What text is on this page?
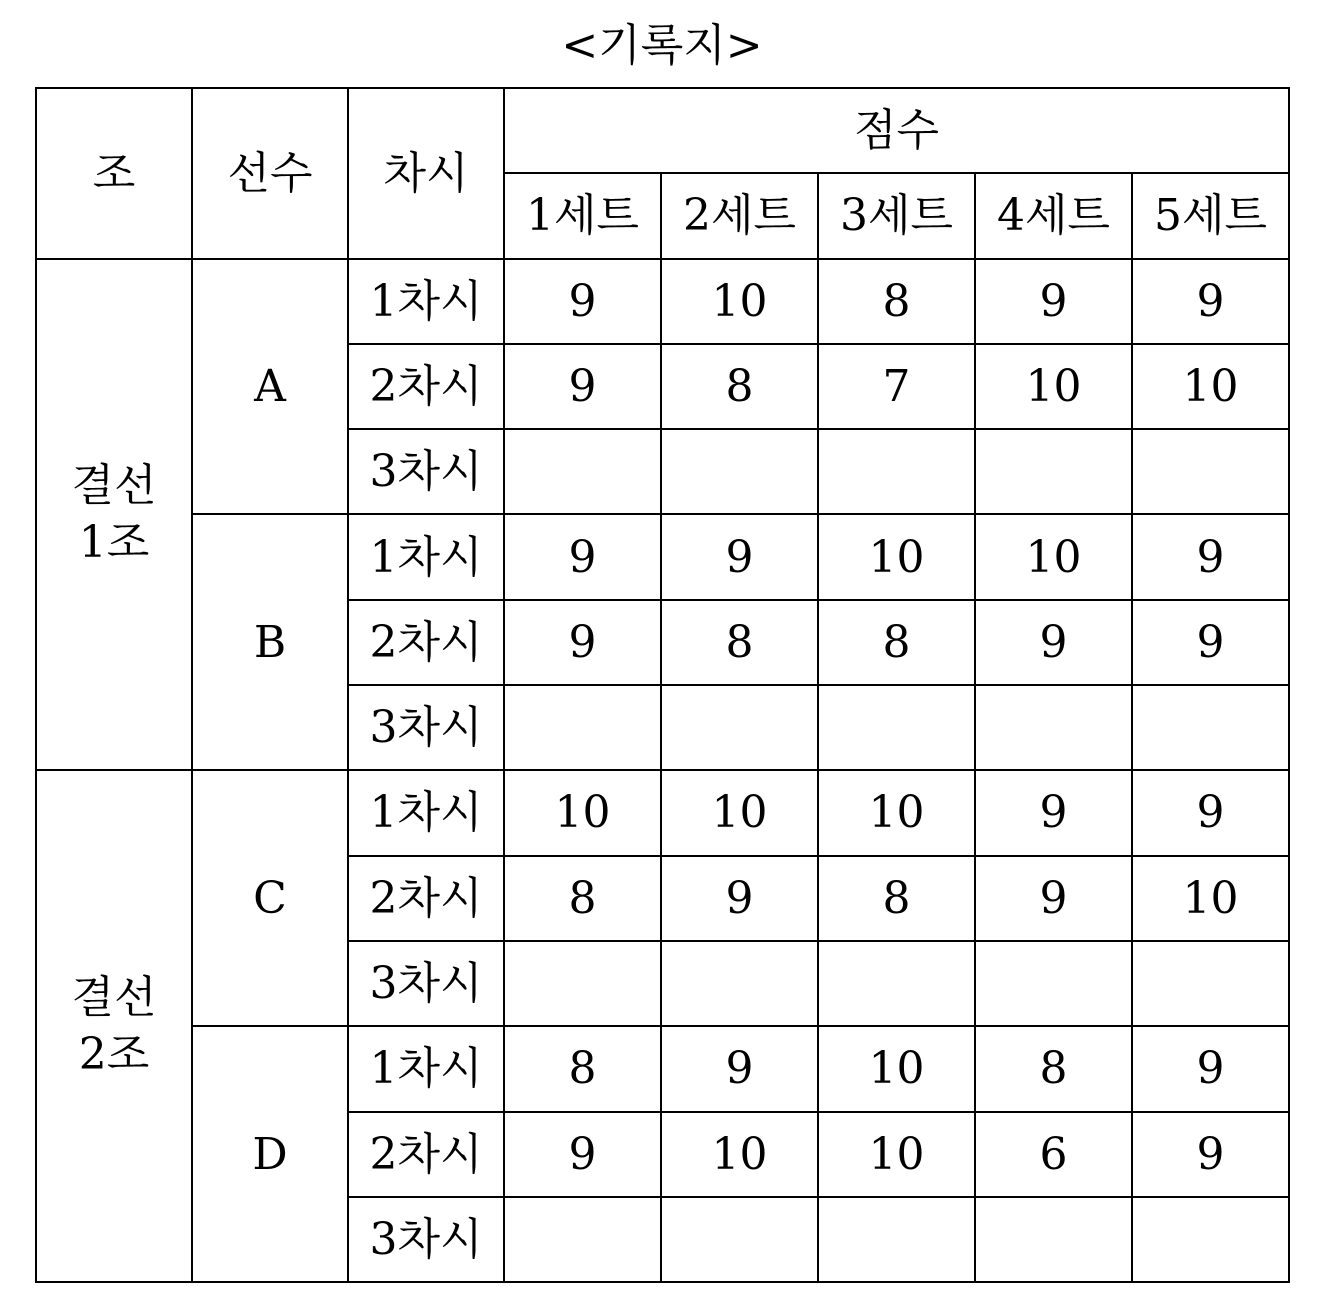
<기록지>
조	선수	차시	점수				
			1세트	2세트	3세트	4세트	5세트

결선
1조	A	1차시	9	10	8	9	9
		2차시	9	8	7	10	10
		3차시					
	B	1차시	9	9	10	10	9
		2차시	9	8	8	9	9
		3차시					

결선
2조	C	1차시	10	10	10	9	9
		2차시	8	9	8	9	10
		3차시					
	D	1차시	8	9	10	8	9
		2차시	9	10	10	6	9
		3차시					
